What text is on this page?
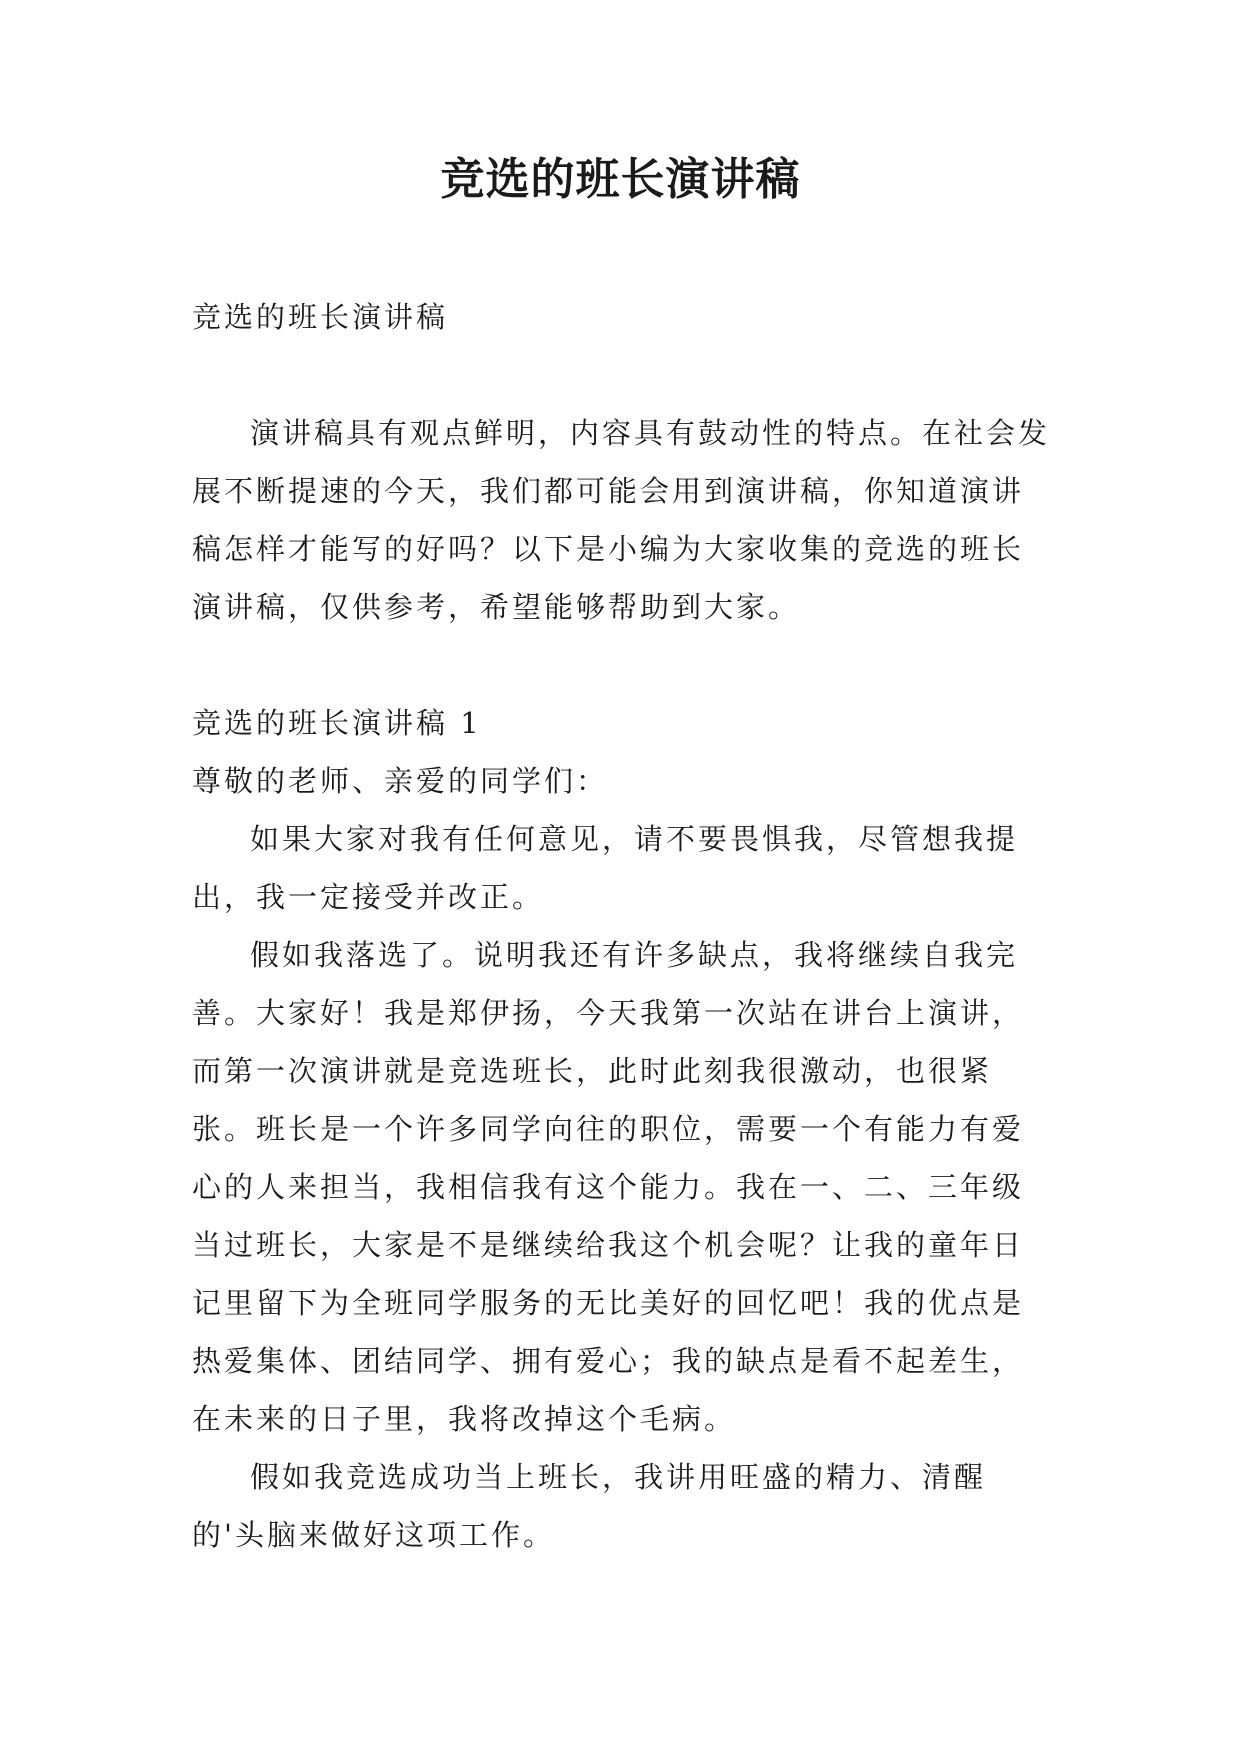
竞选的班长演讲稿

竞选的班长演讲稿

演讲稿具有观点鲜明，内容具有鼓动性的特点。在社会发展不断提速的今天，我们都可能会用到演讲稿，你知道演讲稿怎样才能写的好吗？以下是小编为大家收集的竞选的班长演讲稿，仅供参考，希望能够帮助到大家。

竞选的班长演讲稿 1

尊敬的老师、亲爱的同学们：

如果大家对我有任何意见，请不要畏惧我，尽管想我提出，我一定接受并改正。

假如我落选了。说明我还有许多缺点，我将继续自我完善。大家好！我是郑伊扬，今天我第一次站在讲台上演讲，而第一次演讲就是竞选班长，此时此刻我很激动，也很紧张。班长是一个许多同学向往的职位，需要一个有能力有爱心的人来担当，我相信我有这个能力。我在一、二、三年级当过班长，大家是不是继续给我这个机会呢？让我的童年日记里留下为全班同学服务的无比美好的回忆吧！我的优点是热爱集体、团结同学、拥有爱心；我的缺点是看不起差生，在未来的日子里，我将改掉这个毛病。

假如我竞选成功当上班长，我讲用旺盛的精力、清醒的'头脑来做好这项工作。
